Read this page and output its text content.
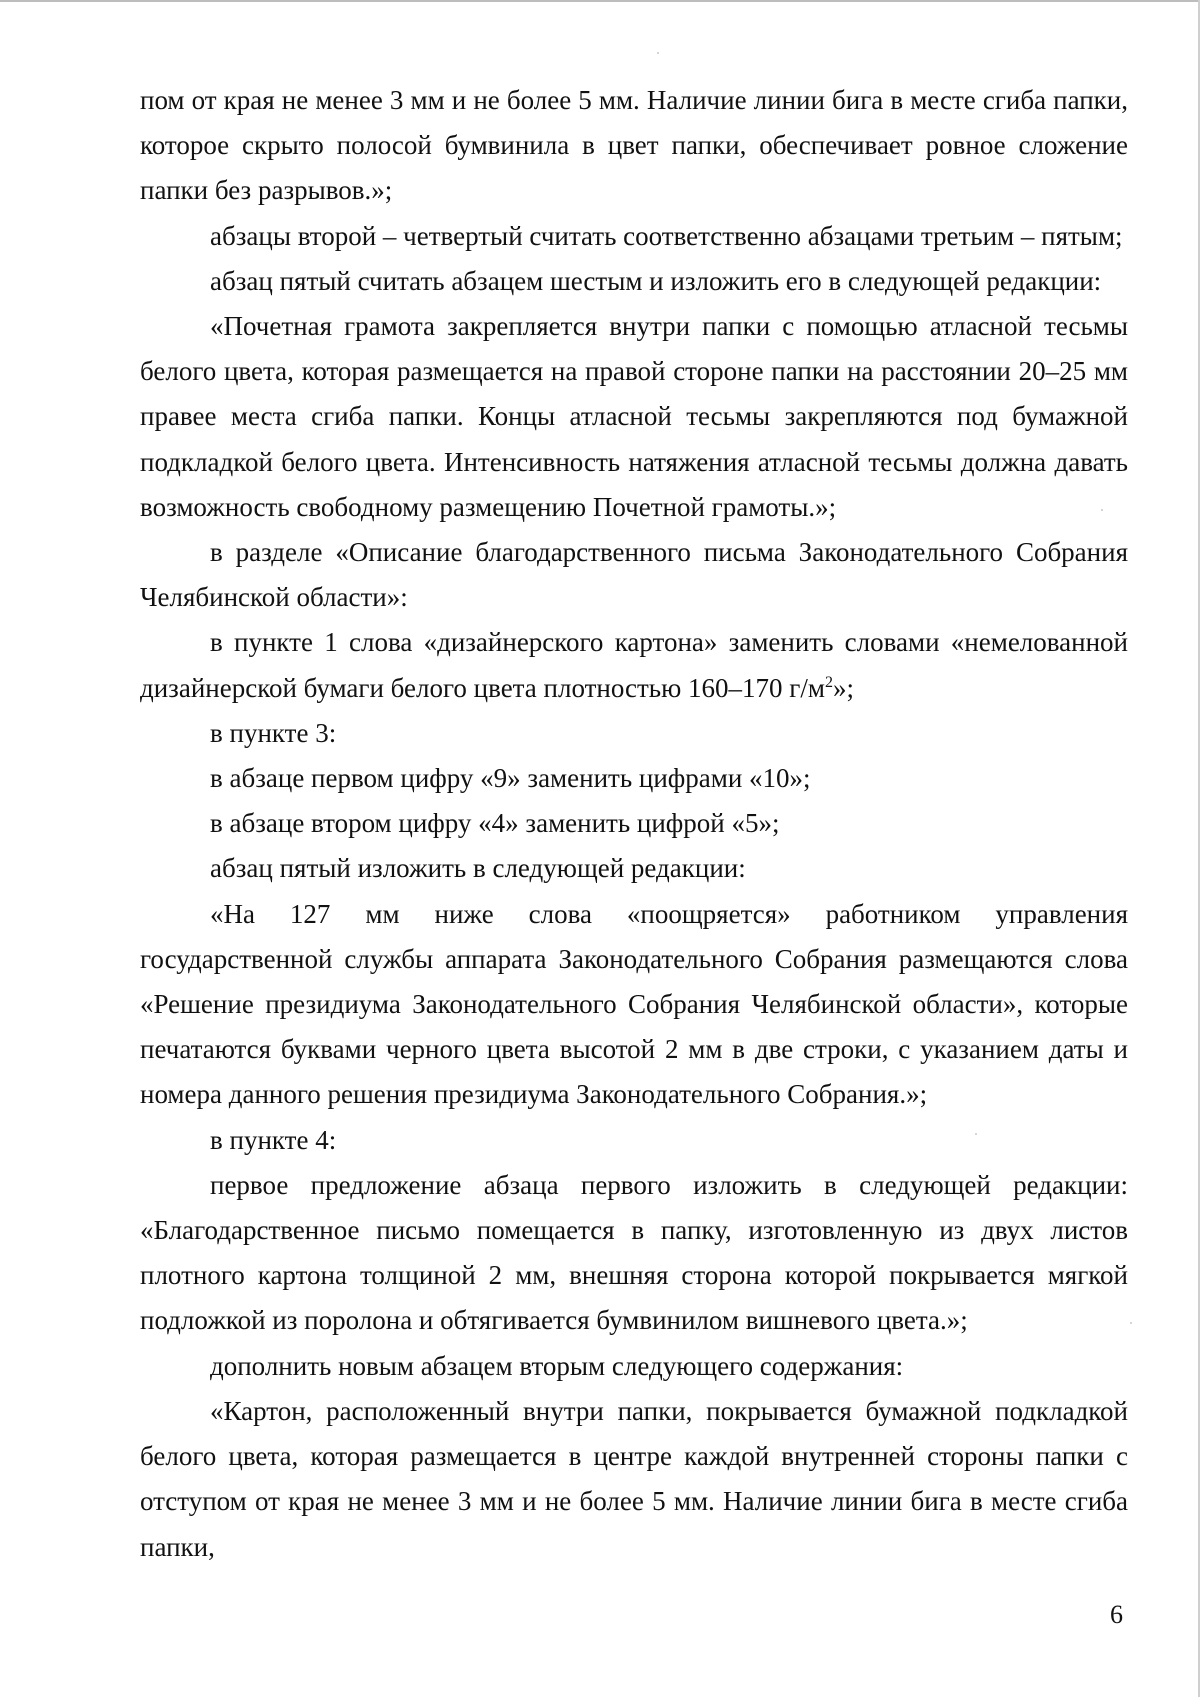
пом от края не менее 3 мм и не более 5 мм. Наличие линии бига в месте сгиба папки, которое скрыто полосой бумвинила в цвет папки, обеспечивает ровное сложение папки без разрывов.»;

абзацы второй – четвертый считать соответственно абзацами третьим – пятым;

абзац пятый считать абзацем шестым и изложить его в следующей редакции:

«Почетная грамота закрепляется внутри папки с помощью атласной тесьмы белого цвета, которая размещается на правой стороне папки на расстоянии 20–25 мм правее места сгиба папки. Концы атласной тесьмы закрепляются под бумажной подкладкой белого цвета. Интенсивность натяжения атласной тесьмы должна давать возможность свободному размещению Почетной грамоты.»;

в разделе «Описание благодарственного письма Законодательного Собрания Челябинской области»:

в пункте 1 слова «дизайнерского картона» заменить словами «немелованной дизайнерской бумаги белого цвета плотностью 160–170 $г/м^2$»;

в пункте 3:

в абзаце первом цифру «9» заменить цифрами «10»;

в абзаце втором цифру «4» заменить цифрой «5»;

абзац пятый изложить в следующей редакции:

«На 127 мм ниже слова «поощряется» работником управления государственной службы аппарата Законодательного Собрания размещаются слова «Решение президиума Законодательного Собрания Челябинской области», которые печатаются буквами черного цвета высотой 2 мм в две строки, с указанием даты и номера данного решения президиума Законодательного Собрания.»;

в пункте 4:

первое предложение абзаца первого изложить в следующей редакции: «Благодарственное письмо помещается в папку, изготовленную из двух листов плотного картона толщиной 2 мм, внешняя сторона которой покрывается мягкой подложкой из поролона и обтягивается бумвинилом вишневого цвета.»;

дополнить новым абзацем вторым следующего содержания:

«Картон, расположенный внутри папки, покрывается бумажной подкладкой белого цвета, которая размещается в центре каждой внутренней стороны папки с отступом от края не менее 3 мм и не более 5 мм. Наличие линии бига в месте сгиба папки,

6
